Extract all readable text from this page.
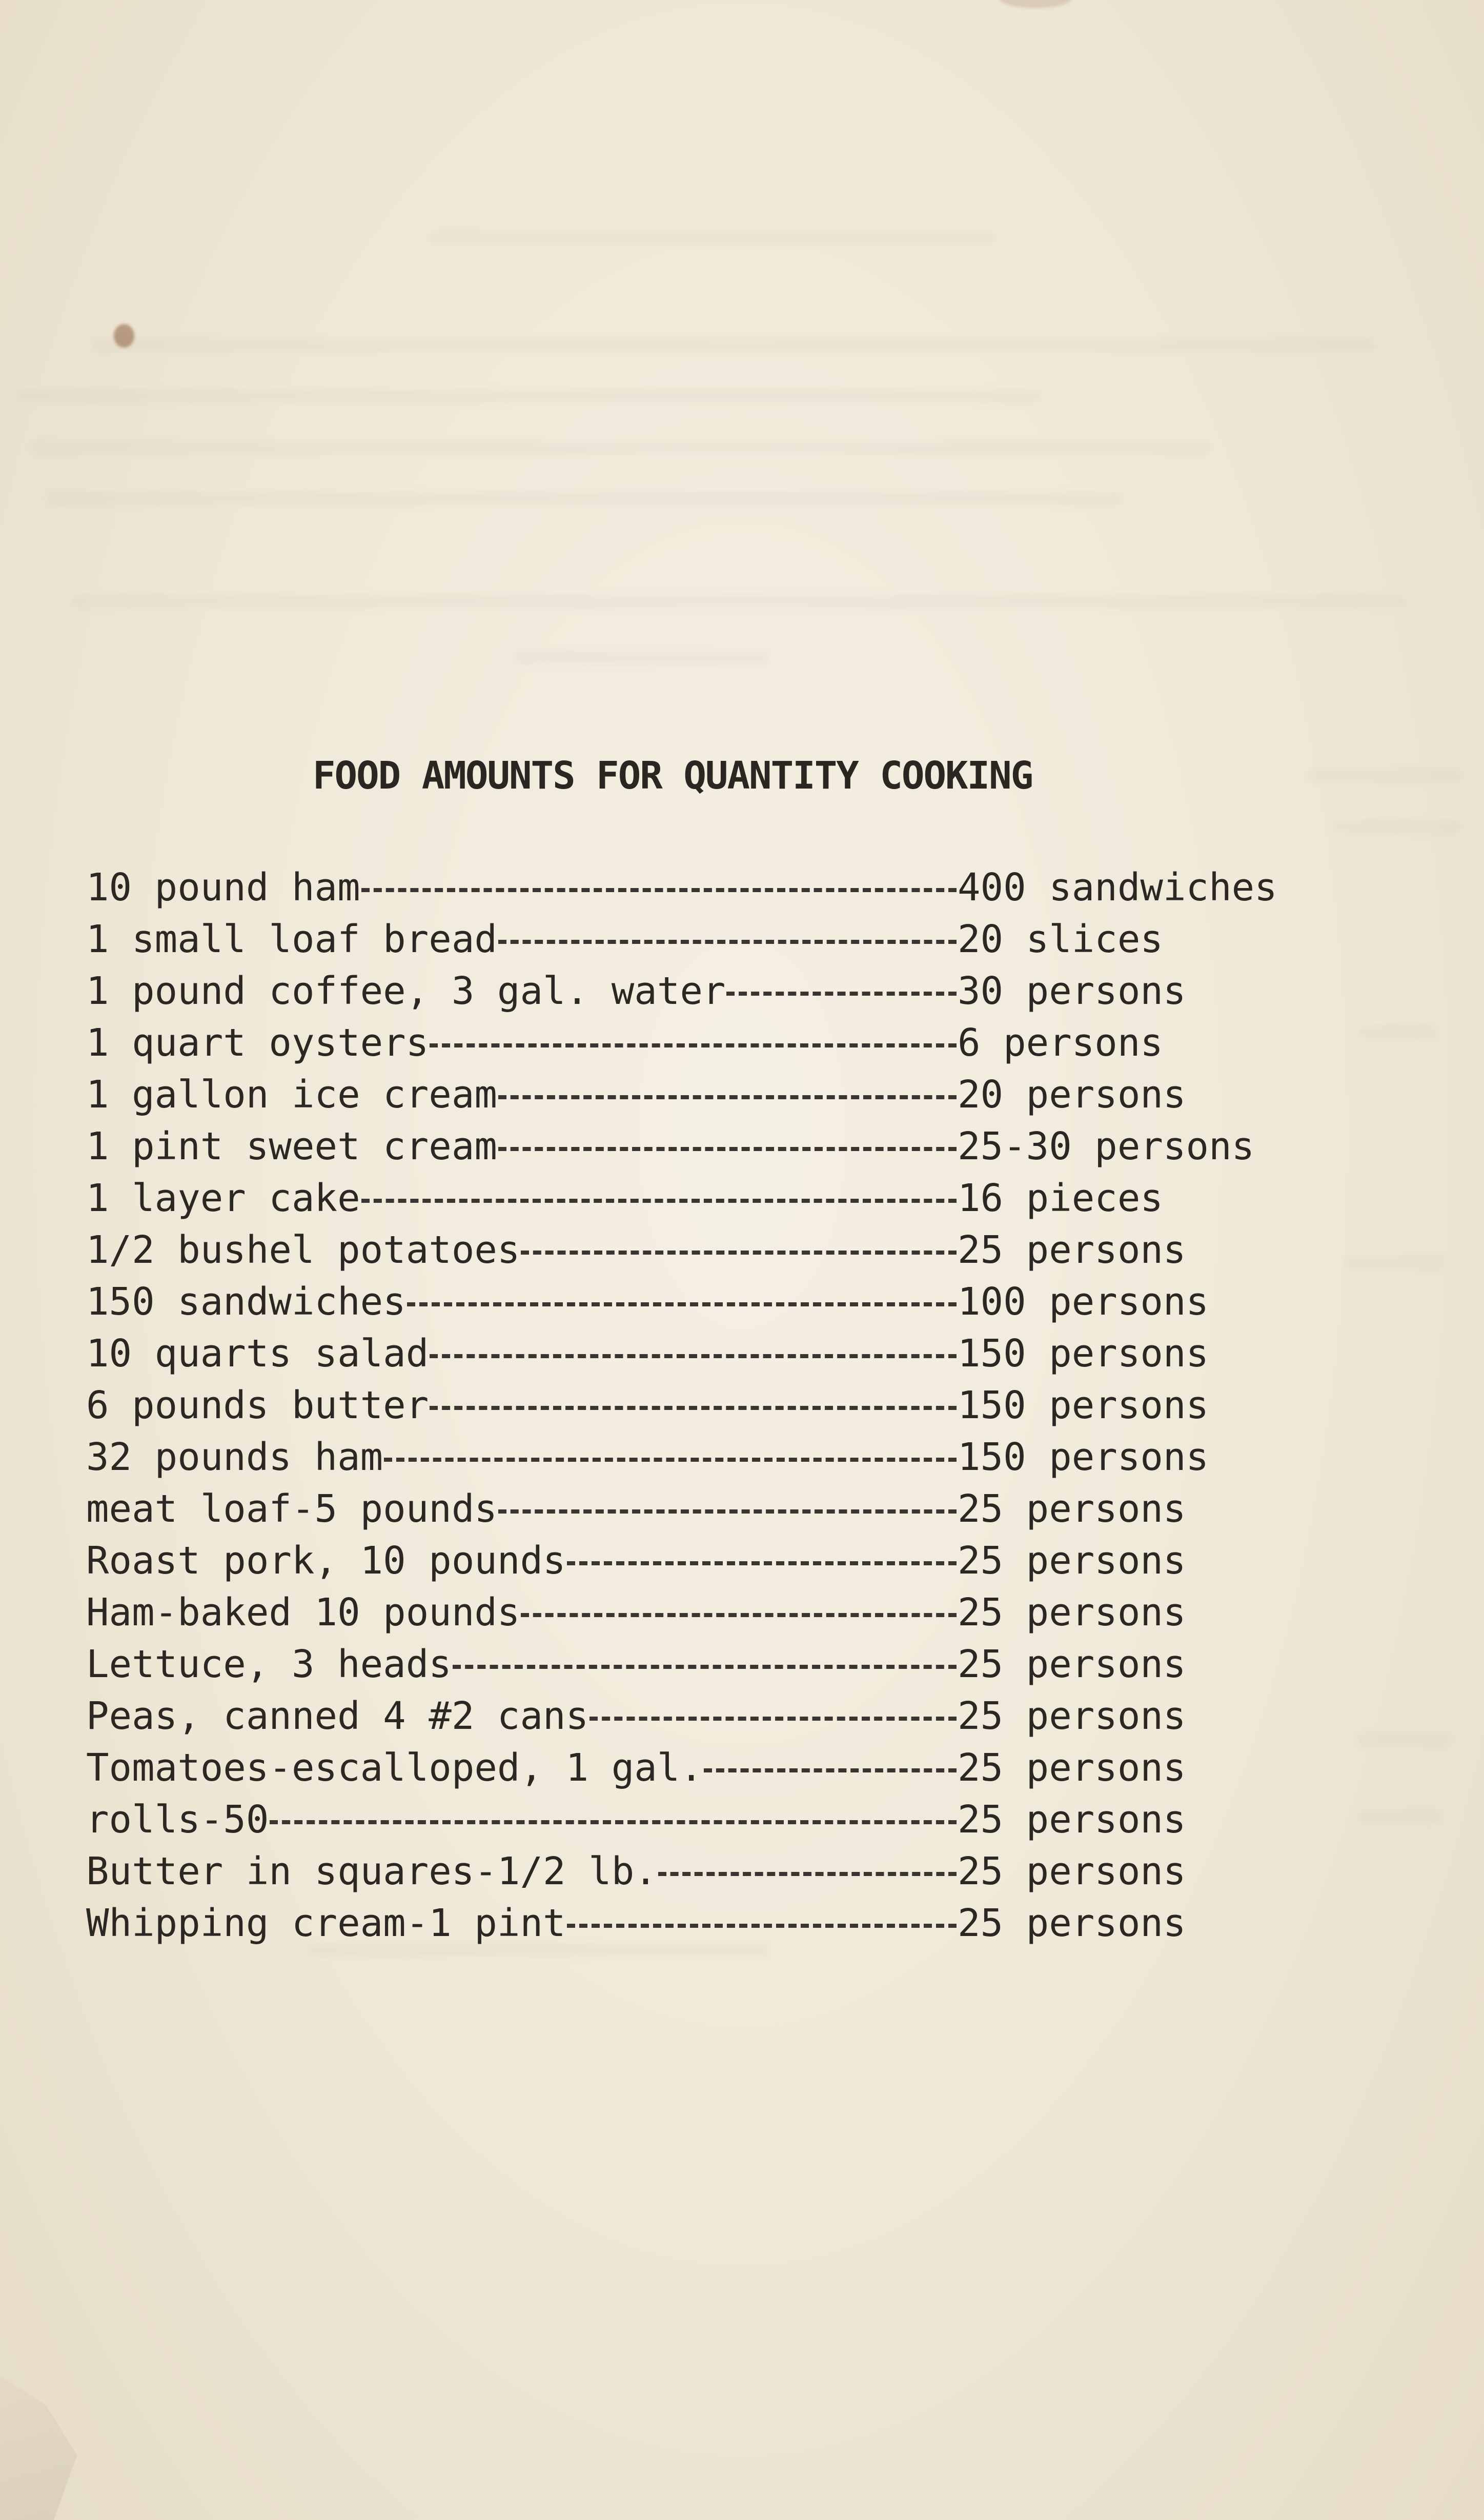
FOOD AMOUNTS FOR QUANTITY COOKING
10 pound ham	400 sandwiches
1 small loaf bread	20 slices
1 pound coffee, 3 gal. water	30 persons
1 quart oysters	6 persons
1 gallon ice cream	20 persons
1 pint sweet cream	25-30 persons
1 layer cake	16 pieces
1/2 bushel potatoes	25 persons
150 sandwiches	100 persons
10 quarts salad	150 persons
6 pounds butter	150 persons
32 pounds ham	150 persons
meat loaf-5 pounds	25 persons
Roast pork, 10 pounds	25 persons
Ham-baked 10 pounds	25 persons
Lettuce, 3 heads	25 persons
Peas, canned 4 #2 cans	25 persons
Tomatoes-escalloped, 1 gal.	25 persons
rolls-50	25 persons
Butter in squares-1/2 lb.	25 persons
Whipping cream-1 pint	25 persons
